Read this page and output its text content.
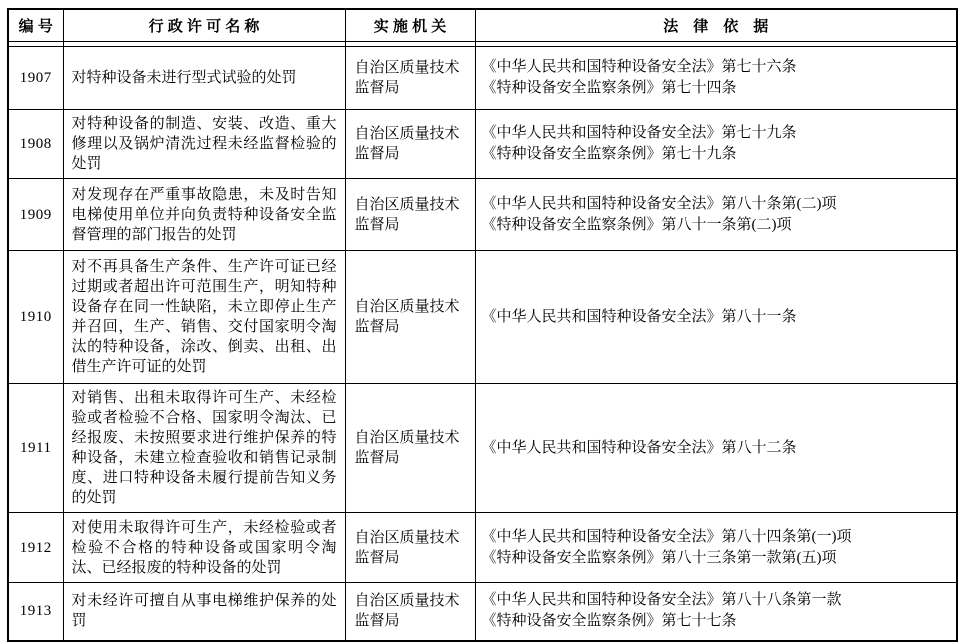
编 号	行 政 许 可 名 称	实 施 机 关	法　律　依　据

1907	对特种设备未进行型式试验的处罚	自治区质量技术监督局	《中华人民共和国特种设备安全法》第七十六条
《特种设备安全监察条例》第七十四条

1908	对特种设备的制造、安装、改造、重大修理以及锅炉清洗过程未经监督检验的处罚	自治区质量技术监督局	《中华人民共和国特种设备安全法》第七十九条
《特种设备安全监察条例》第七十九条

1909	对发现存在严重事故隐患，未及时告知电梯使用单位并向负责特种设备安全监督管理的部门报告的处罚	自治区质量技术监督局	《中华人民共和国特种设备安全法》第八十条第(二)项
《特种设备安全监察条例》第八十一条第(二)项

1910	对不再具备生产条件、生产许可证已经过期或者超出许可范围生产，明知特种设备存在同一性缺陷，未立即停止生产并召回，生产、销售、交付国家明令淘汰的特种设备，涂改、倒卖、出租、出借生产许可证的处罚	自治区质量技术监督局	《中华人民共和国特种设备安全法》第八十一条

1911	对销售、出租未取得许可生产、未经检验或者检验不合格、国家明令淘汰、已经报废、未按照要求进行维护保养的特种设备，未建立检查验收和销售记录制度、进口特种设备未履行提前告知义务的处罚	自治区质量技术监督局	《中华人民共和国特种设备安全法》第八十二条

1912	对使用未取得许可生产，未经检验或者检验不合格的特种设备或国家明令淘汰、已经报废的特种设备的处罚	自治区质量技术监督局	《中华人民共和国特种设备安全法》第八十四条第(一)项
《特种设备安全监察条例》第八十三条第一款第(五)项

1913	对未经许可擅自从事电梯维护保养的处罚	自治区质量技术监督局	《中华人民共和国特种设备安全法》第八十八条第一款
《特种设备安全监察条例》第七十七条
